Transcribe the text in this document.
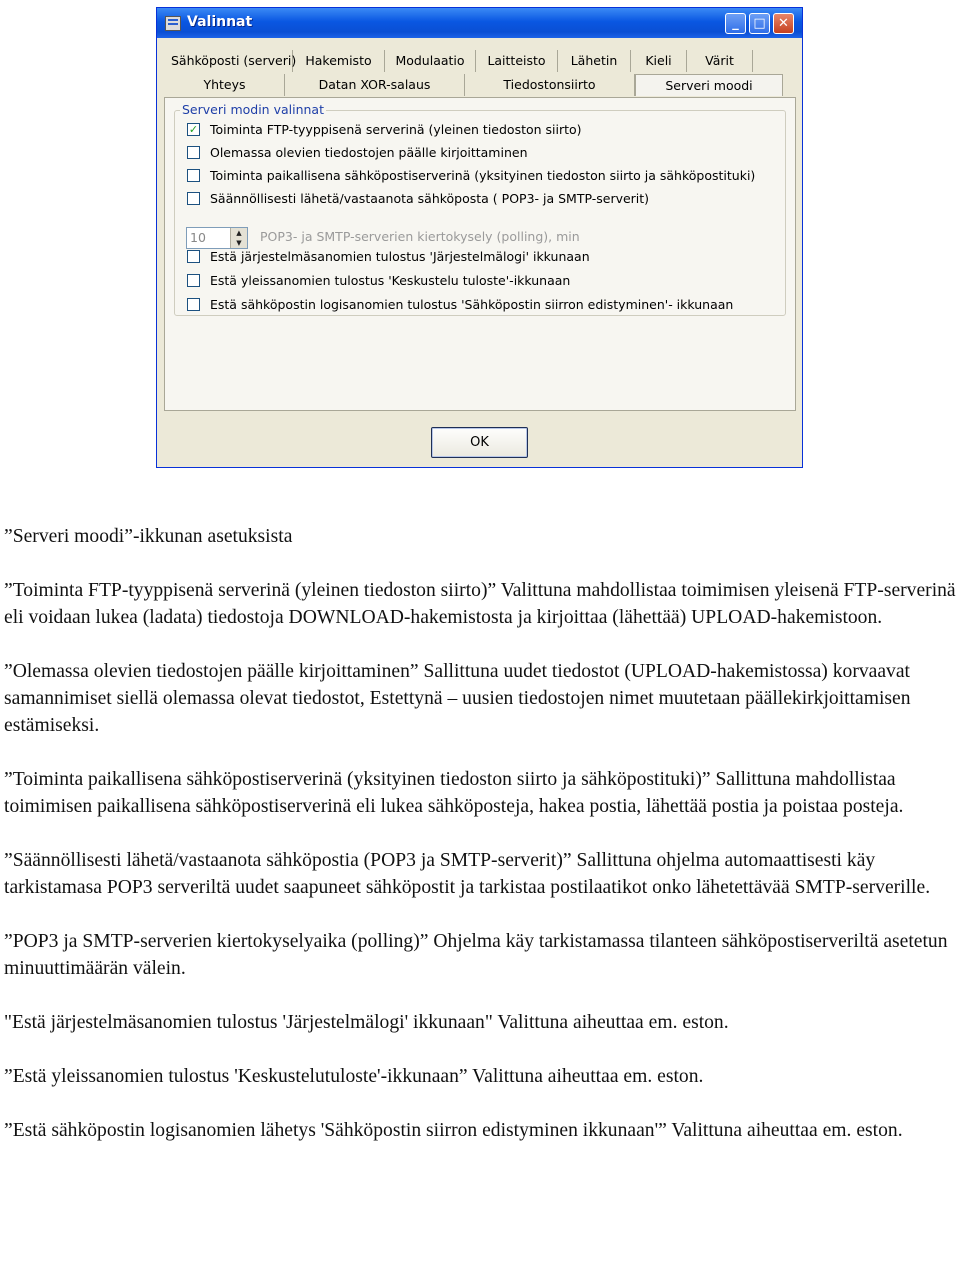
Valinnat	_	□ ✕
Sähköposti (serveri) Hakemisto	Modulaatio	Laitteisto	Lähetin	Kieli	Värit
Yhteys	Datan XOR-salaus	Tiedostonsiirto	Serveri moodi
Serveri modin valinnat
✓ Toiminta FTP-tyyppisenä serverinä (yleinen tiedoston siirto)
Olemassa olevien tiedostojen päälle kirjoittaminen
Toiminta paikallisena sähköpostiserverinä (yksityinen tiedoston siirto ja sähköpostituki)
Säännöllisesti lähetä/vastaanota sähköposta ( POP3- ja SMTP-serverit)
10	▲
▼	POP3- ja SMTP-serverien kiertokysely (polling), min
Estä järjestelmäsanomien tulostus 'Järjestelmälogi' ikkunaan
Estä yleissanomien tulostus 'Keskustelu tuloste'-ikkunaan
Estä sähköpostin logisanomien tulostus 'Sähköpostin siirron edistyminen'- ikkunaan
OK

”Serveri moodi”-ikkunan asetuksista

”Toiminta FTP-tyyppisenä serverinä (yleinen tiedoston siirto)” Valittuna mahdollistaa toimimisen yleisenä FTP-serverinä eli voidaan lukea (ladata) tiedostoja DOWNLOAD-hakemistosta ja kirjoittaa (lähettää) UPLOAD-hakemistoon.

”Olemassa olevien tiedostojen päälle kirjoittaminen” Sallittuna uudet tiedostot (UPLOAD-hakemistossa) korvaavat samannimiset siellä olemassa olevat tiedostot, Estettynä – uusien tiedostojen nimet muutetaan päällekirkjoittamisen estämiseksi.

”Toiminta paikallisena sähköpostiserverinä (yksityinen tiedoston siirto ja sähköpostituki)” Sallittuna mahdollistaa toimimisen paikallisena sähköpostiserverinä eli lukea sähköposteja, hakea postia, lähettää postia ja poistaa posteja.

”Säännöllisesti lähetä/vastaanota sähköpostia (POP3 ja SMTP-serverit)” Sallittuna ohjelma automaattisesti käy tarkistamasa POP3 serveriltä uudet saapuneet sähköpostit ja tarkistaa postilaatikot onko lähetettävää SMTP-serverille.

”POP3 ja SMTP-serverien kiertokyselyaika (polling)” Ohjelma käy tarkistamassa tilanteen sähköpostiserveriltä asetetun minuuttimäärän välein.

"Estä järjestelmäsanomien tulostus 'Järjestelmälogi' ikkunaan" Valittuna aiheuttaa em. eston.

”Estä yleissanomien tulostus 'Keskustelutuloste'-ikkunaan” Valittuna aiheuttaa em. eston.

”Estä sähköpostin logisanomien lähetys 'Sähköpostin siirron edistyminen ikkunaan'” Valittuna aiheuttaa em. eston.
